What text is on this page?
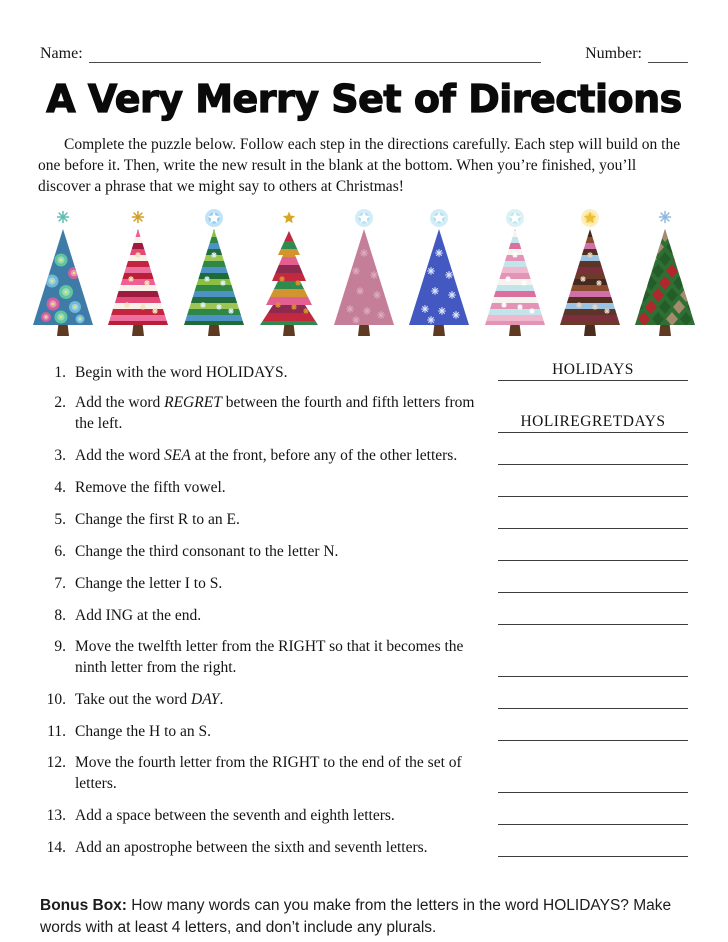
Name:	Number:
A Very Merry Set of Directions

Complete the puzzle below. Follow each step in the directions carefully. Each step will build on the one before it. Then, write the new result in the blank at the bottom. When you’re finished, you’ll discover a phrase that we might say to others at Christmas!

1. Begin with the word HOLIDAYS.	HOLIDAYS
2. Add the word REGRET between the fourth and fifth letters from the left.	HOLIREGRETDAYS
3. Add the word SEA at the front, before any of the other letters.
4. Remove the fifth vowel.
5. Change the first R to an E.
6. Change the third consonant to the letter N.
7. Change the letter I to S.
8. Add ING at the end.
9. Move the twelfth letter from the RIGHT so that it becomes the ninth letter from the right.
10. Take out the word DAY.
11. Change the H to an S.
12. Move the fourth letter from the RIGHT to the end of the set of letters.
13. Add a space between the seventh and eighth letters.
14. Add an apostrophe between the sixth and seventh letters.

Bonus Box: How many words can you make from the letters in the word HOLIDAYS? Make words with at least 4 letters, and don’t include any plurals.
